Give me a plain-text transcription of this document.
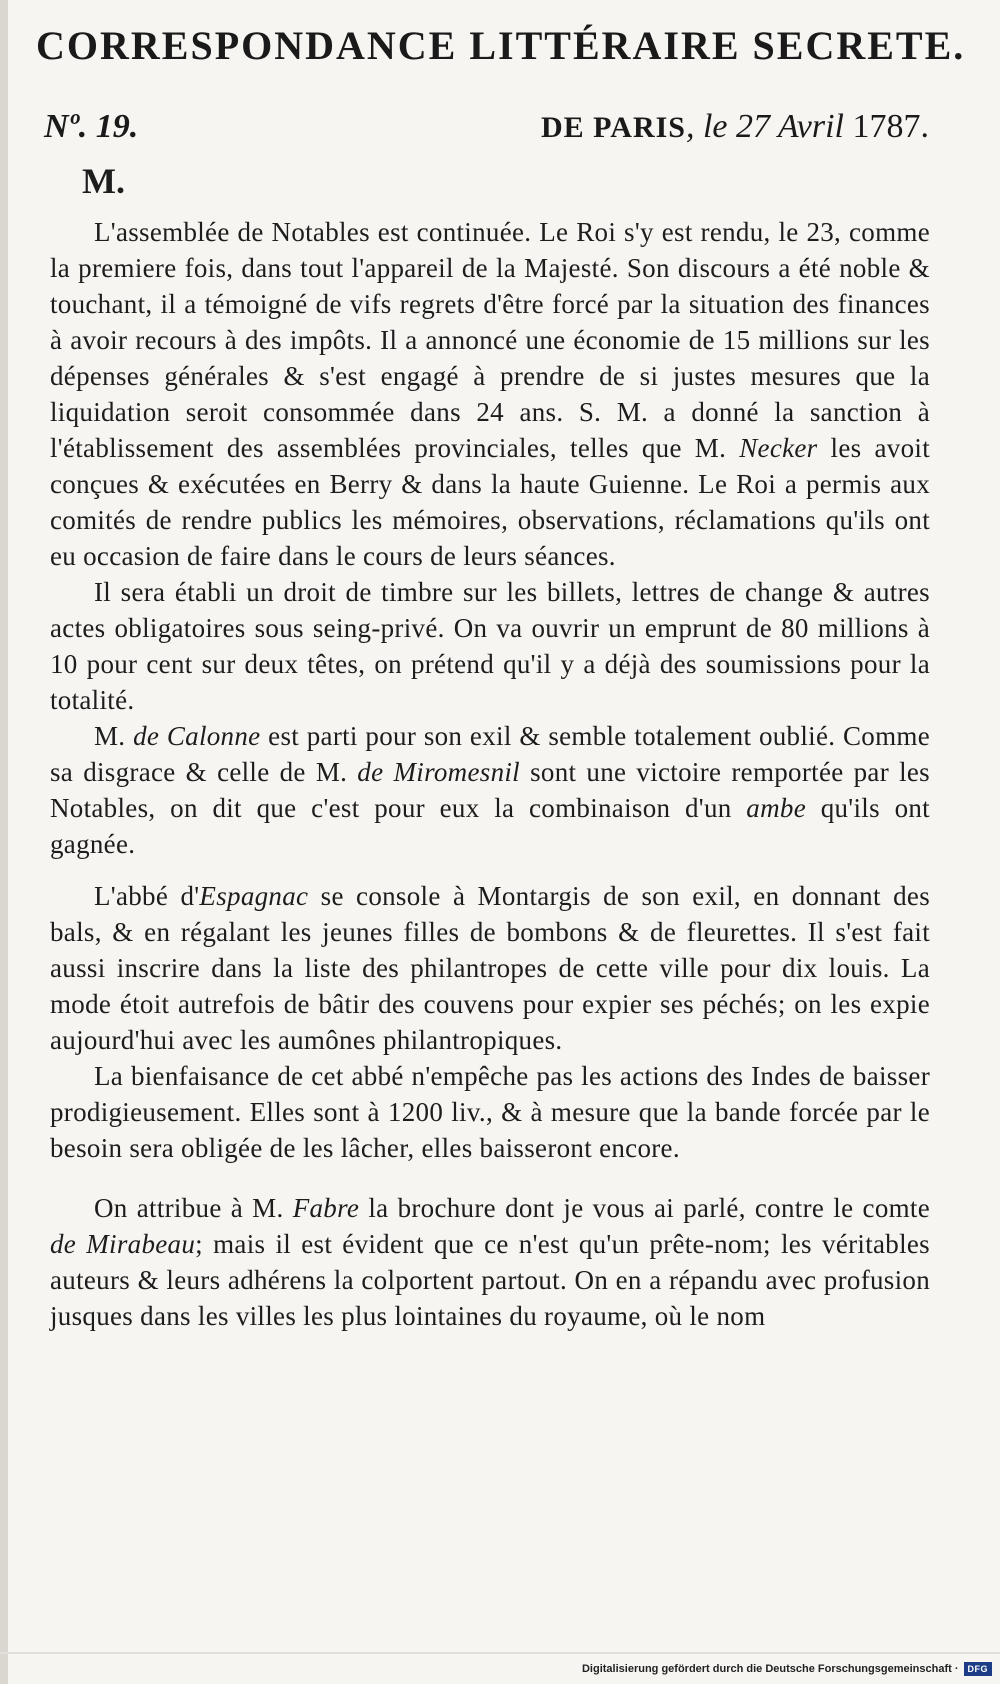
CORRESPONDANCE LITTÉRAIRE SECRETE.
Nº. 19.	DE PARIS, le 27 Avril 1787.
M.

L'assemblée de Notables est continuée. Le Roi s'y est rendu, le 23, comme la premiere fois, dans tout l'appareil de la Majesté. Son discours a été noble & touchant, il a témoigné de vifs regrets d'être forcé par la situation des finances à avoir recours à des impôts. Il a annoncé une économie de 15 millions sur les dépenses générales & s'est engagé à prendre de si justes mesures que la liquidation seroit consommée dans 24 ans. S. M. a donné la sanction à l'établissement des assemblées provinciales, telles que M. Necker les avoit conçues & exécutées en Berry & dans la haute Guienne. Le Roi a permis aux comités de rendre publics les mémoires, observations, réclamations qu'ils ont eu occasion de faire dans le cours de leurs séances.

Il sera établi un droit de timbre sur les billets, lettres de change & autres actes obligatoires sous seing-privé. On va ouvrir un emprunt de 80 millions à 10 pour cent sur deux têtes, on prétend qu'il y a déjà des soumissions pour la totalité.

M. de Calonne est parti pour son exil & semble totalement oublié. Comme sa disgrace & celle de M. de Miromesnil sont une victoire remportée par les Notables, on dit que c'est pour eux la combinaison d'un ambe qu'ils ont gagnée.

L'abbé d'Espagnac se console à Montargis de son exil, en donnant des bals, & en régalant les jeunes filles de bombons & de fleurettes. Il s'est fait aussi inscrire dans la liste des philantropes de cette ville pour dix louis. La mode étoit autrefois de bâtir des couvens pour expier ses péchés; on les expie aujourd'hui avec les aumônes philantropiques.

La bienfaisance de cet abbé n'empêche pas les actions des Indes de baisser prodigieusement. Elles sont à 1200 liv., & à mesure que la bande forcée par le besoin sera obligée de les lâcher, elles baisseront encore.

On attribue à M. Fabre la brochure dont je vous ai parlé, contre le comte de Mirabeau; mais il est évident que ce n'est qu'un prête-nom; les véritables auteurs & leurs adhérens la colportent partout. On en a répandu avec profusion jusques dans les villes les plus lointaines du royaume, où le nom

Digitalisierung gefördert durch die Deutsche Forschungsgemeinschaft ·	DFG
